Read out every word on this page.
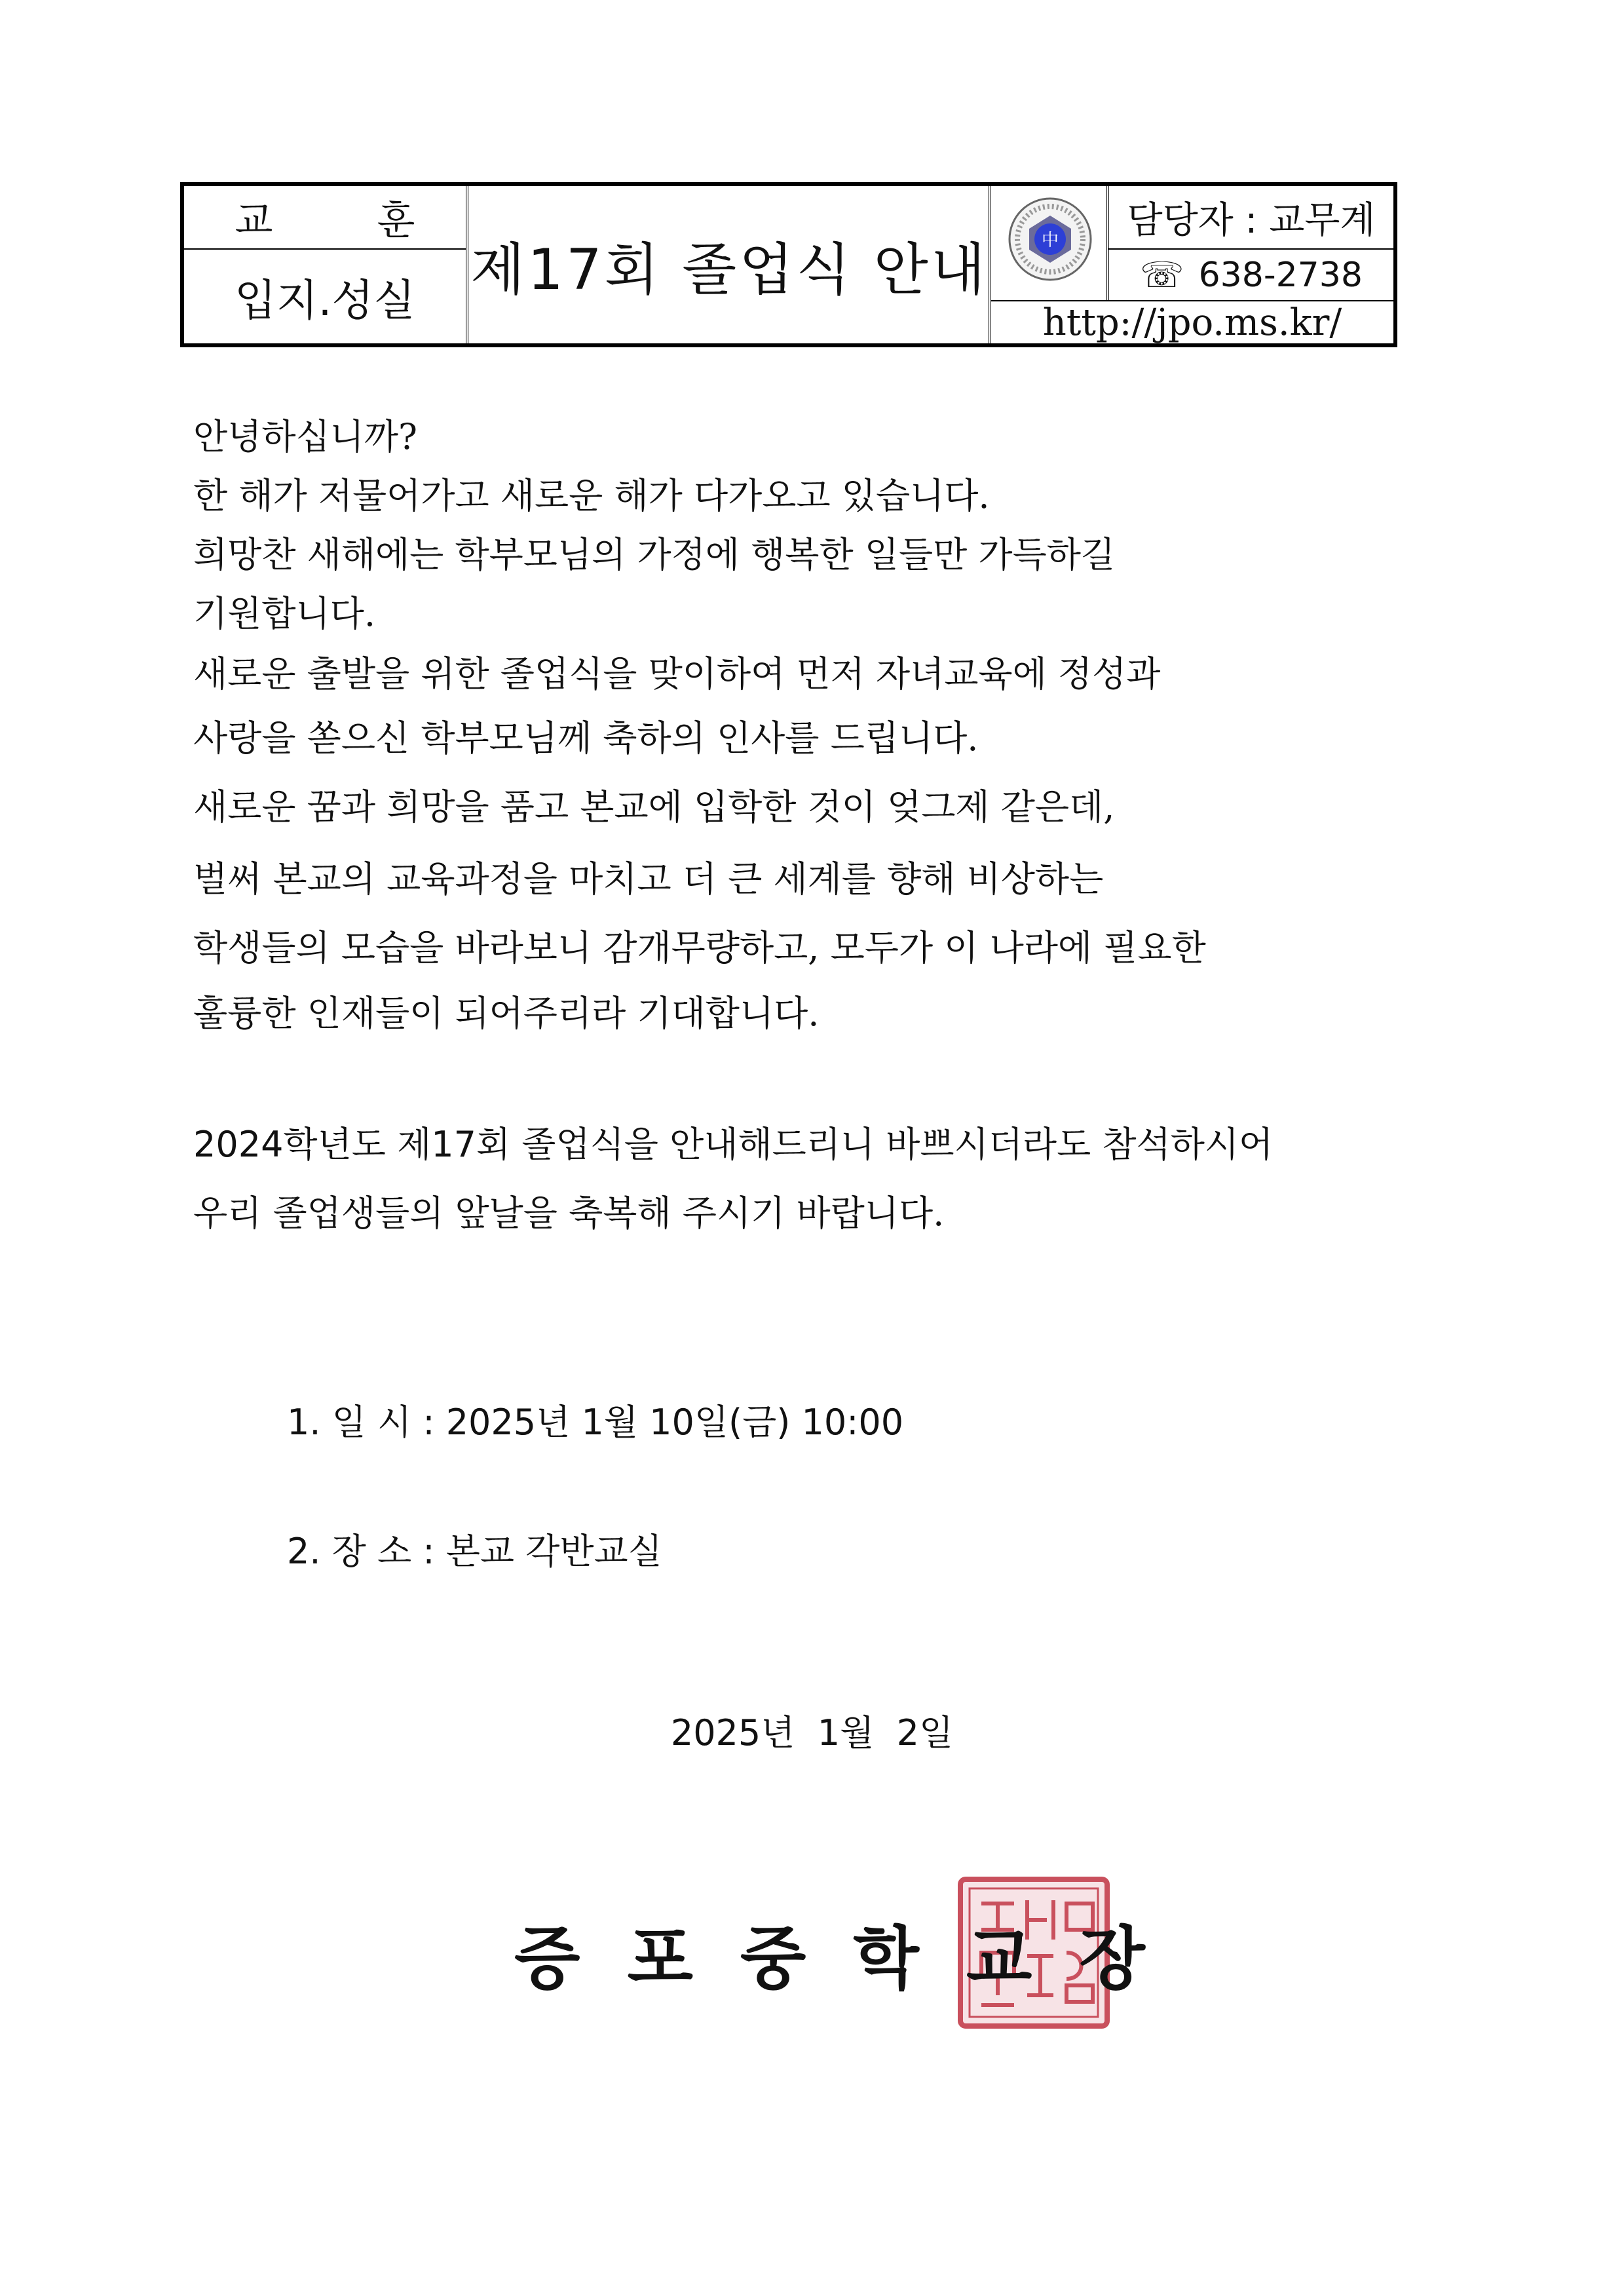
교 훈
입지.성실 제17회 졸업식 안내	中	담당자 : 교무계
☏ 638-2738
http://jpo.ms.kr/
안녕하십니까?
한 해가 저물어가고 새로운 해가 다가오고 있습니다.
희망찬 새해에는 학부모님의 가정에 행복한 일들만 가득하길
기원합니다.
새로운 출발을 위한 졸업식을 맞이하여 먼저 자녀교육에 정성과
사랑을 쏟으신 학부모님께 축하의 인사를 드립니다.
새로운 꿈과 희망을 품고 본교에 입학한 것이 엊그제 같은데,
벌써 본교의 교육과정을 마치고 더 큰 세계를 향해 비상하는
학생들의 모습을 바라보니 감개무량하고, 모두가 이 나라에 필요한
훌륭한 인재들이 되어주리라 기대합니다.
2024학년도 제17회 졸업식을 안내해드리니 바쁘시더라도 참석하시어
우리 졸업생들의 앞날을 축복해 주시기 바랍니다.
1. 일 시 : 2025년 1월 10일(금) 10:00
2. 장 소 : 본교 각반교실
2025년  1월  2일
증포중학교장
